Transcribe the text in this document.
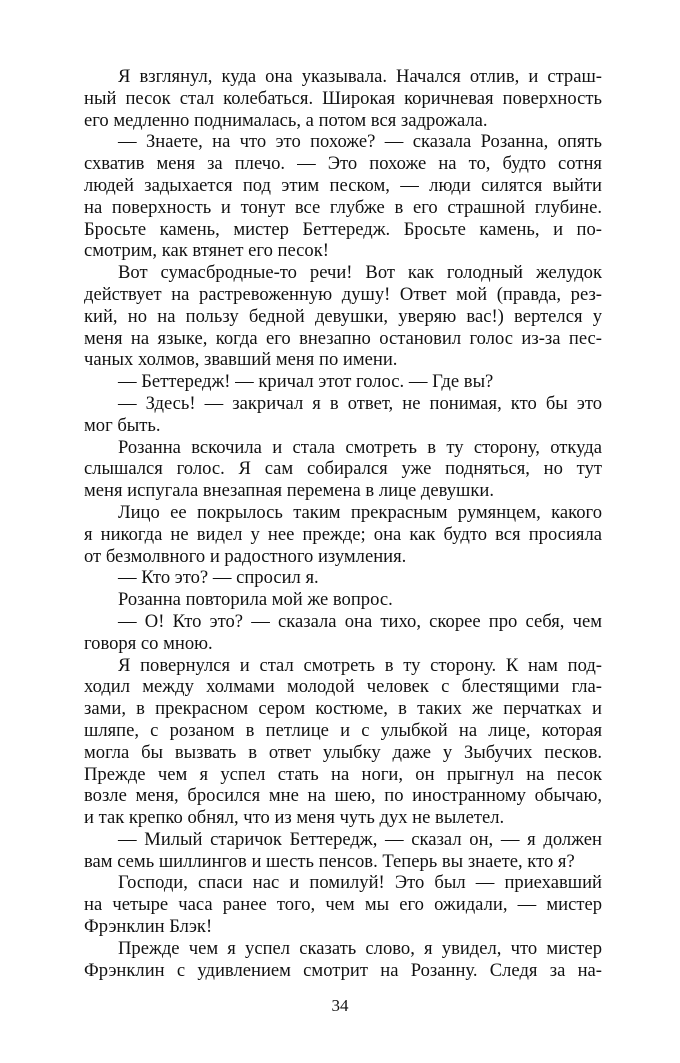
Я взглянул, куда она указывала. Начался отлив, и страш-
ный песок стал колебаться. Широкая коричневая поверхность
его медленно поднималась, а потом вся задрожала.
— Знаете, на что это похоже? — сказала Розанна, опять
схватив меня за плечо. — Это похоже на то, будто сотня
людей задыхается под этим песком, — люди силятся выйти
на поверхность и тонут все глубже в его страшной глубине.
Бросьте камень, мистер Беттередж. Бросьте камень, и по-
смотрим, как втянет его песок!
Вот сумасбродные-то речи! Вот как голодный желудок
действует на растревоженную душу! Ответ мой (правда, рез-
кий, но на пользу бедной девушки, уверяю вас!) вертелся у
меня на языке, когда его внезапно остановил голос из-за пес-
чаных холмов, звавший меня по имени.
— Беттередж! — кричал этот голос. — Где вы?
— Здесь! — закричал я в ответ, не понимая, кто бы это
мог быть.
Розанна вскочила и стала смотреть в ту сторону, откуда
слышался голос. Я сам собирался уже подняться, но тут
меня испугала внезапная перемена в лице девушки.
Лицо ее покрылось таким прекрасным румянцем, какого
я никогда не видел у нее прежде; она как будто вся просияла
от безмолвного и радостного изумления.
— Кто это? — спросил я.
Розанна повторила мой же вопрос.
— О! Кто это? — сказала она тихо, скорее про себя, чем
говоря со мною.
Я повернулся и стал смотреть в ту сторону. К нам под-
ходил между холмами молодой человек с блестящими гла-
зами, в прекрасном сером костюме, в таких же перчатках и
шляпе, с розаном в петлице и с улыбкой на лице, которая
могла бы вызвать в ответ улыбку даже у Зыбучих песков.
Прежде чем я успел стать на ноги, он прыгнул на песок
возле меня, бросился мне на шею, по иностранному обычаю,
и так крепко обнял, что из меня чуть дух не вылетел.
— Милый старичок Беттередж, — сказал он, — я должен
вам семь шиллингов и шесть пенсов. Теперь вы знаете, кто я?
Господи, спаси нас и помилуй! Это был — приехавший
на четыре часа ранее того, чем мы его ожидали, — мистер
Фрэнклин Блэк!
Прежде чем я успел сказать слово, я увидел, что мистер
Фрэнклин с удивлением смотрит на Розанну. Следя за на-
34
